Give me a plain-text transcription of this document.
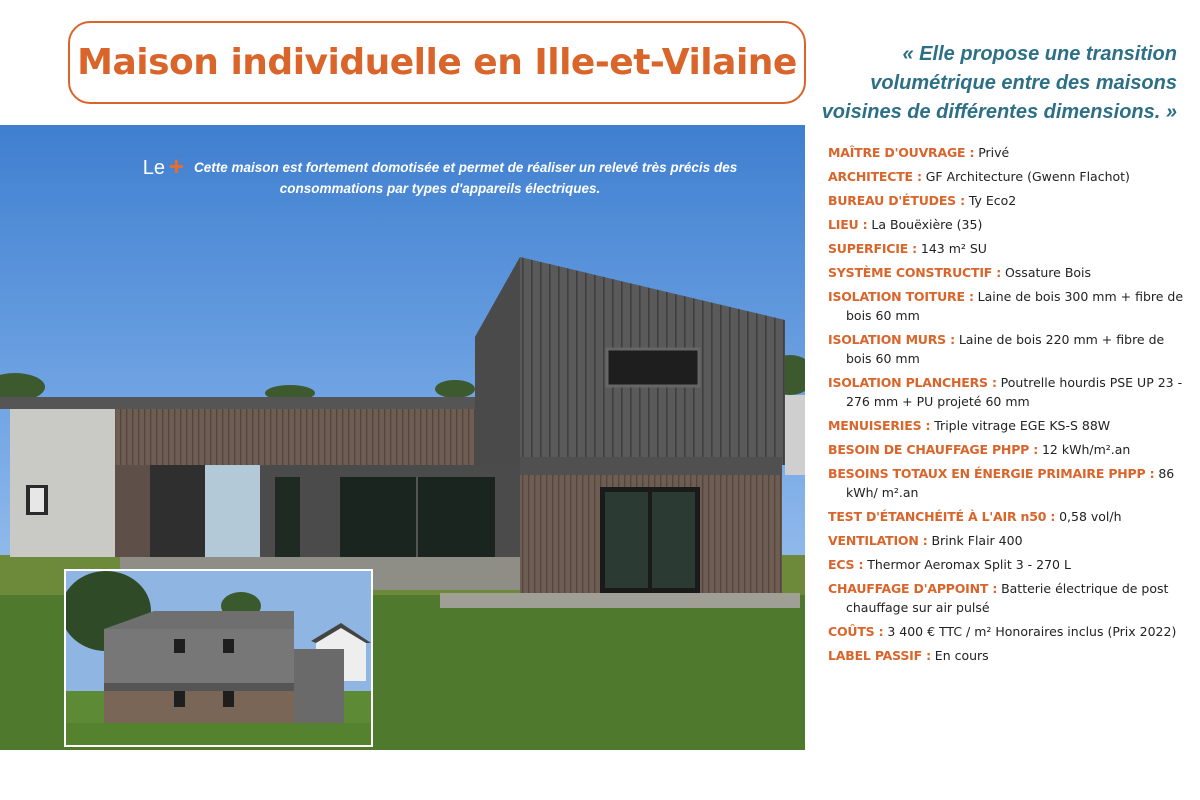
Maison individuelle en Ille-et-Vilaine	« Elle propose une transition volumétrique entre des maisons voisines de différentes dimensions. »
Le + Cette maison est fortement domotisée et permet de réaliser un relevé très précis des consommations par types d'appareils électriques.
MAÎTRE D'OUVRAGE : Privé
ARCHITECTE : GF Architecture (Gwenn Flachot)
BUREAU D'ÉTUDES : Ty Eco2
LIEU : La Bouëxière (35)
SUPERFICIE : 143 m² SU
SYSTÈME CONSTRUCTIF : Ossature Bois
ISOLATION TOITURE : Laine de bois 300 mm + fibre de bois 60 mm
ISOLATION MURS : Laine de bois 220 mm + fibre de bois 60 mm
ISOLATION PLANCHERS : Poutrelle hourdis PSE UP 23 - 276 mm + PU projeté 60 mm
MENUISERIES : Triple vitrage EGE KS-S 88W
BESOIN DE CHAUFFAGE PHPP : 12 kWh/m².an
BESOINS TOTAUX EN ÉNERGIE PRIMAIRE PHPP : 86 kWh/ m².an
TEST D'ÉTANCHÉITÉ À L'AIR n50 : 0,58 vol/h
VENTILATION : Brink Flair 400
ECS : Thermor Aeromax Split 3 - 270 L
CHAUFFAGE D'APPOINT : Batterie électrique de post chauffage sur air pulsé
COÛTS : 3 400 € TTC / m² Honoraires inclus (Prix 2022)
LABEL PASSIF : En cours
